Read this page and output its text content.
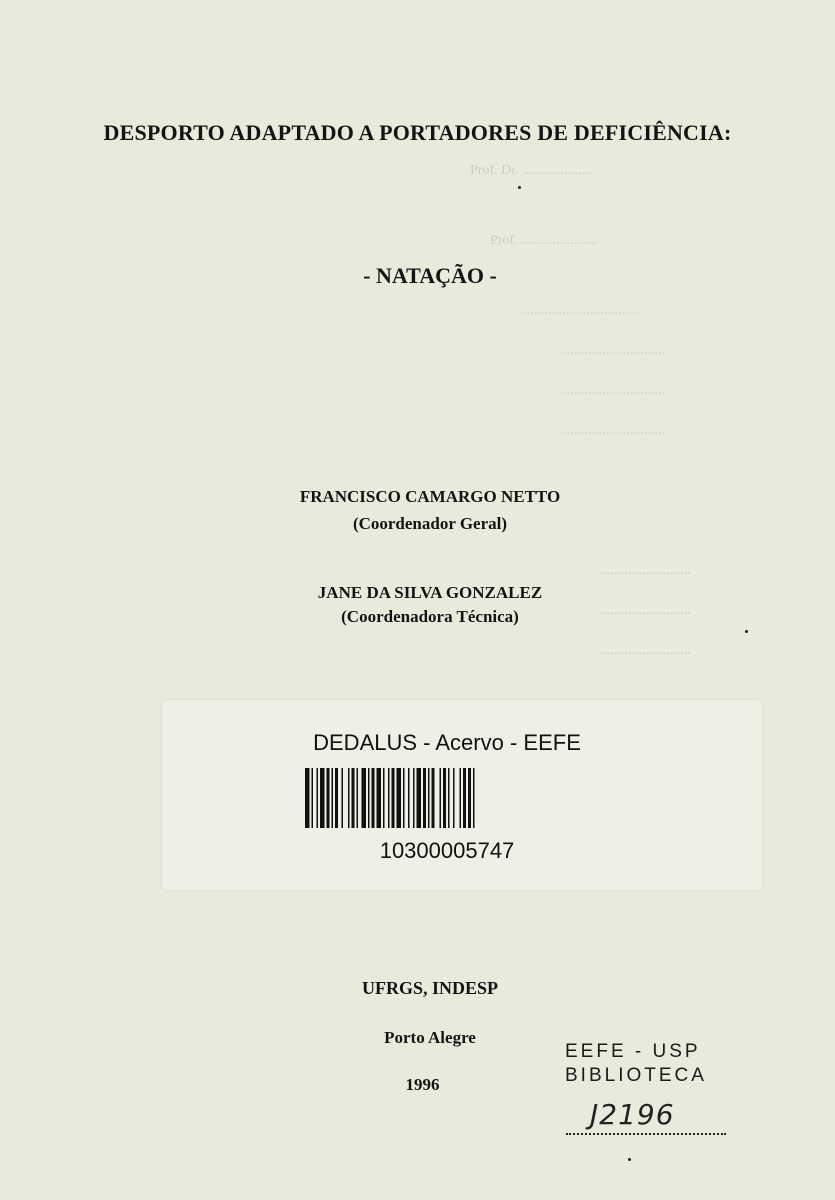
Prof. Dr. ....................
Prof. ......................
..................................
..............................
..............................
..............................
..........................
..........................
..........................
DESPORTO ADAPTADO A PORTADORES DE DEFICIÊNCIA:
- NATAÇÃO -
FRANCISCO CAMARGO NETTO
(Coordenador Geral)
JANE DA SILVA GONZALEZ
(Coordenadora Técnica)
DEDALUS - Acervo - EEFE
10300005747
UFRGS, INDESP
Porto Alegre
1996
EEFE - USP
BIBLIOTECA
J2196
